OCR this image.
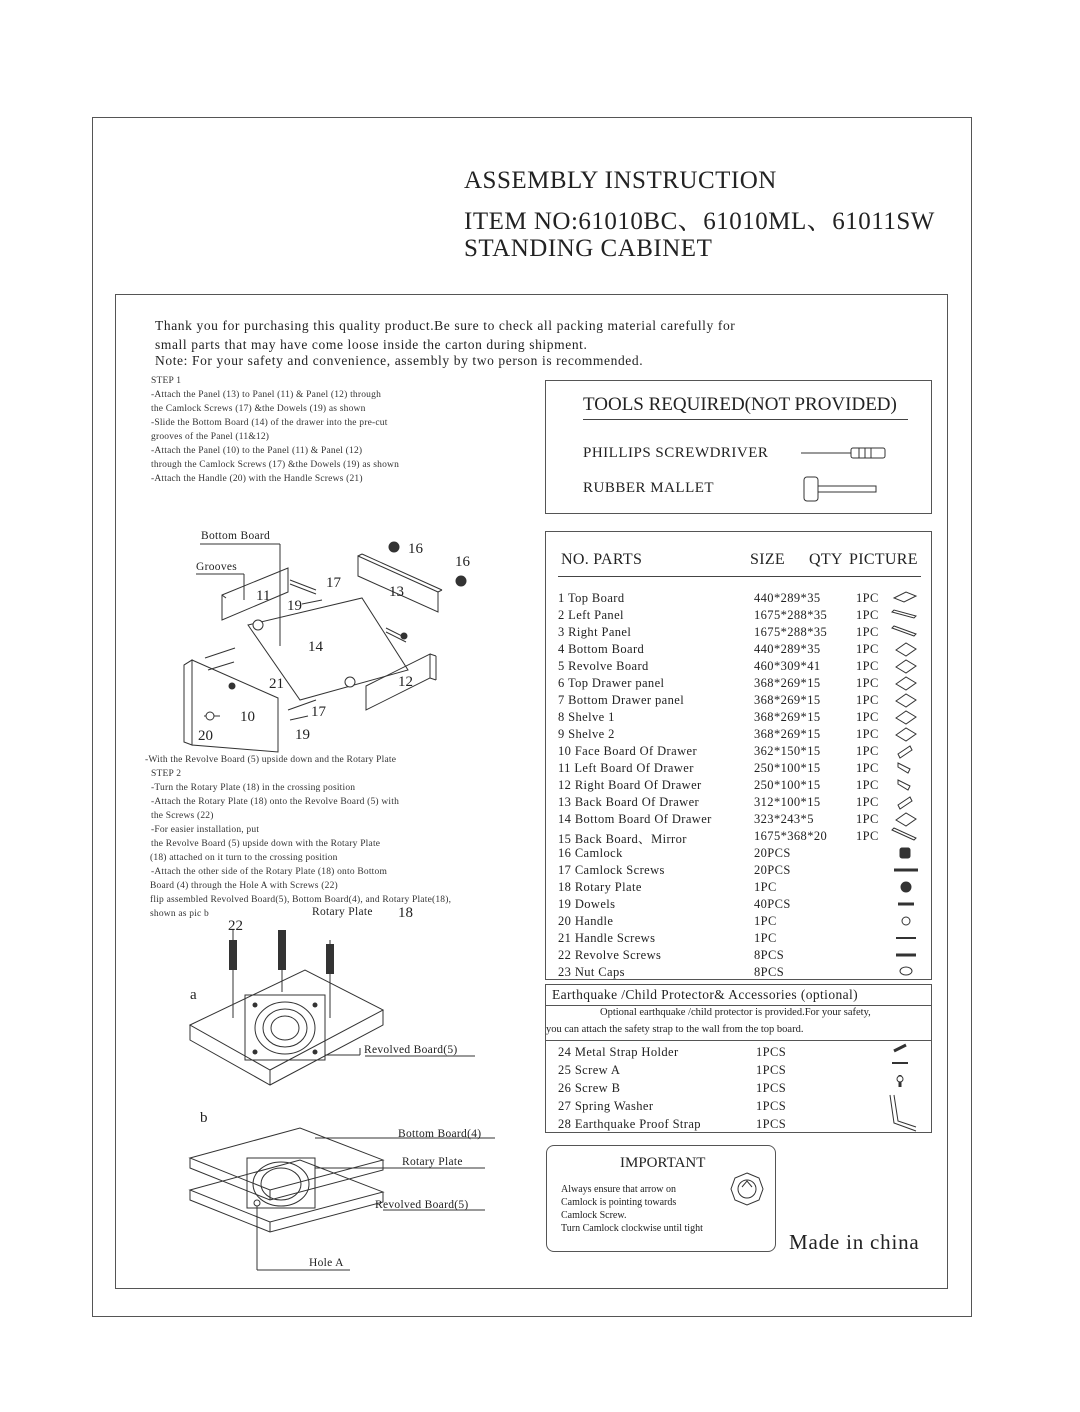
ASSEMBLY INSTRUCTION
ITEM NO:61010BC、61010ML、61011SW
STANDING CABINET
Thank you for purchasing this quality product.Be sure to check all packing material carefully for
small parts that may have come loose inside the carton during shipment.
Note: For your safety and convenience, assembly by two person is recommended.
STEP 1
-Attach the Panel (13) to Panel (11) & Panel (12) through
the Camlock Screws (17) &the Dowels (19) as shown
-Slide the Bottom Board (14) of the drawer into the pre-cut
grooves of the Panel (11&12)
-Attach the Panel (10) to the Panel (11) & Panel (12)
through the Camlock Screws (17) &the Dowels (19) as shown
-Attach the Handle (20) with the Handle Screws (21)
Bottom Board
Grooves
16
16
17
11
19
13
14
21	12
10	17
20	19
-With the Revolve Board (5) upside down and the Rotary Plate
STEP 2
-Turn the Rotary Plate (18) in the crossing position
-Attach the Rotary Plate (18) onto the Revolve Board (5) with
the Screws (22)
-For easier installation, put
the Revolve Board (5) upside down with the Rotary Plate
(18) attached on it turn to the crossing position
-Attach the other side of the Rotary Plate (18) onto Bottom
Board (4) through the Hole A with Screws (22)
flip assembled Revolved Board(5), Bottom Board(4), and Rotary Plate(18),
shown as pic b	Rotary Plate 18
22
a
Revolved Board(5)
b
Bottom Board(4)
Rotary Plate
Revolved Board(5)
Hole A
TOOLS REQUIRED(NOT PROVIDED)
PHILLIPS SCREWDRIVER
RUBBER MALLET
NO. PARTS	SIZE QTY PICTURE
1 Top Board	440*289*35	1PC
2 Left Panel	1675*288*35 1PC
3 Right Panel	1675*288*35 1PC
4 Bottom Board	440*289*35	1PC
5 Revolve Board	460*309*41	1PC
6 Top Drawer panel	368*269*15	1PC
7 Bottom Drawer panel	368*269*15	1PC
8 Shelve 1	368*269*15	1PC
9 Shelve 2	368*269*15	1PC
10 Face Board Of Drawer	362*150*15	1PC
11 Left Board Of Drawer	250*100*15	1PC
12 Right Board Of Drawer	250*100*15	1PC
13 Back Board Of Drawer	312*100*15	1PC
14 Bottom Board Of Drawer	323*243*5	1PC
15 Back Board、Mirror	1675*368*20 1PC
16 Camlock	20PCS
17 Camlock Screws	20PCS
18 Rotary Plate	1PC
19 Dowels	40PCS
20 Handle	1PC
21 Handle Screws	1PC
22 Revolve Screws	8PCS
23 Nut Caps	8PCS
Earthquake /Child Protector& Accessories (optional)
Optional earthquake /child protector is provided.For your safety,
you can attach the safety strap to the wall from the top board.
24 Metal Strap Holder	1PCS
25 Screw A	1PCS
26 Screw B	1PCS
27 Spring Washer	1PCS
28 Earthquake Proof Strap	1PCS
IMPORTANT
Always ensure that arrow on
Camlock is pointing towards
Camlock Screw.
Turn Camlock clockwise until tight
Made in china
